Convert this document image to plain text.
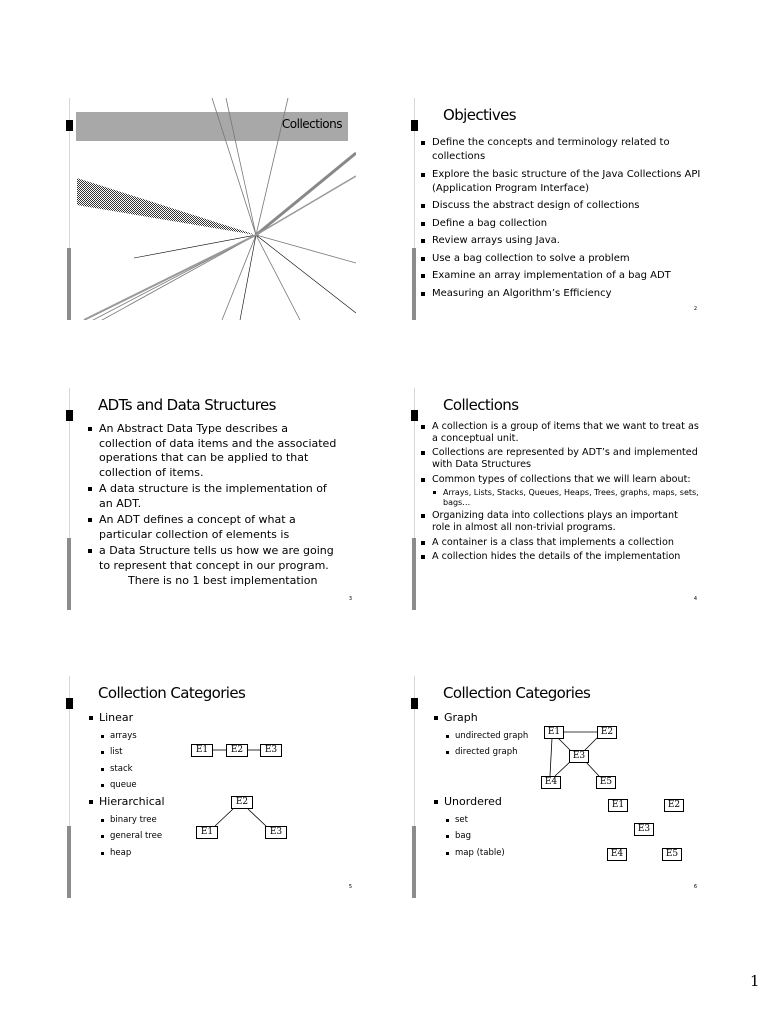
Collections	Objectives
Define the concepts and terminology related to collections
Explore the basic structure of the Java Collections API (Application Program Interface)
Discuss the abstract design of collections
Define a bag collection
Review arrays using Java.
Use a bag collection to solve a problem
Examine an array implementation of a bag ADT
Measuring an Algorithm’s Efficiency
2
ADTs and Data Structures
An Abstract Data Type describes a collection of data items and the associated operations that can be applied to that collection of items.
A data structure is the implementation of an ADT.
An ADT defines a concept of what a particular collection of elements is
a Data Structure tells us how we are going to represent that concept in our program.
There is no 1 best implementation
3
Collections
A collection is a group of items that we want to treat as a conceptual unit.
Collections are represented by ADT’s and implemented with Data Structures
Common types of collections that we will learn about:
Arrays, Lists, Stacks, Queues, Heaps, Trees, graphs, maps, sets, bags…
Organizing data into collections plays an important role in almost all non-trivial programs.
A container is a class that implements a collection
A collection hides the details of the implementation
4
Collection Categories
Linear
arrays
list
stack
queue
Hierarchical
binary tree
general tree
heap
E1	E2	E3
E2
E1	E3
5
Collection Categories
Graph
undirected graph
directed graph
Unordered
set
bag
map (table)
E1	E2
E3
E4	E5
E1	E2
E3
E4	E5
6
1
